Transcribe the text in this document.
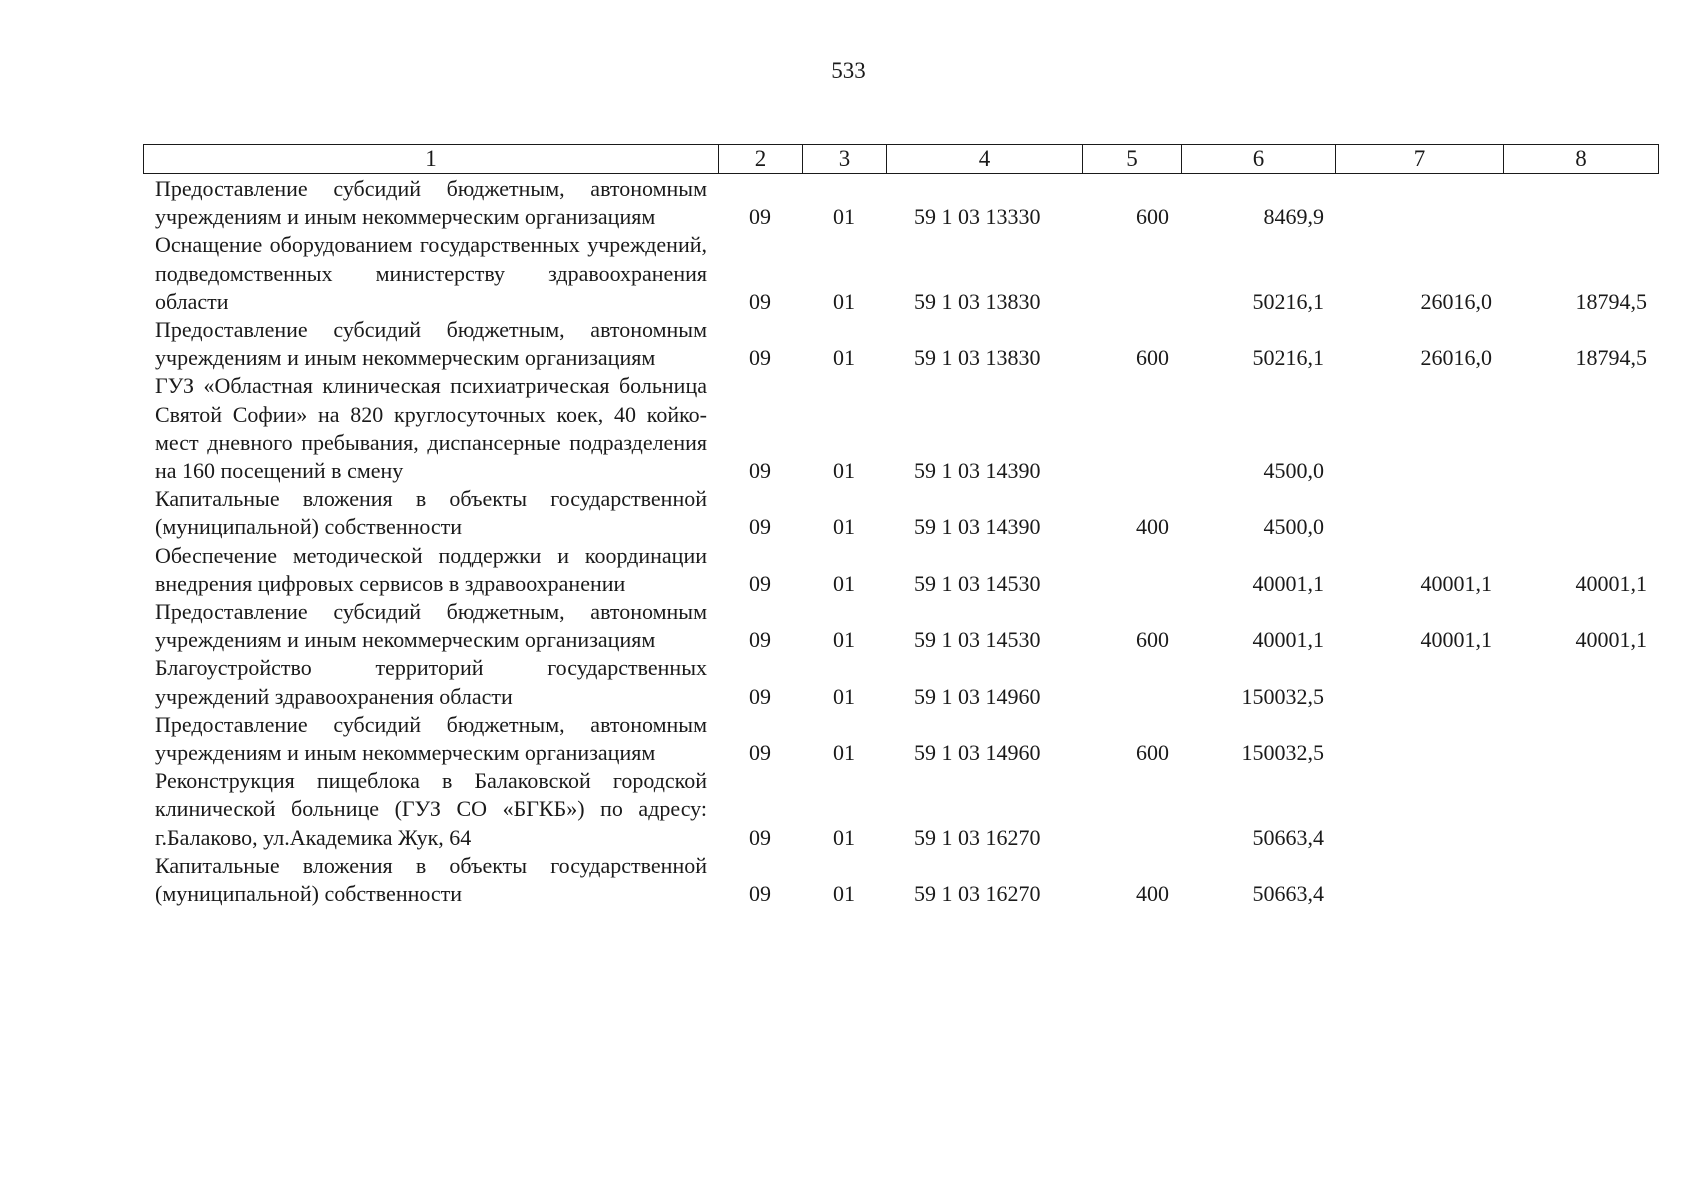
533
1	2	3	4	5	6	7	8
Предоставление субсидий бюджетным, автономным учреждениям и иным некоммерческим организациям	09	01	59 1 03 13330	600	8469,9		
Оснащение оборудованием государственных учреждений, подведомственных министерству здравоохранения области	09	01	59 1 03 13830		50216,1	26016,0	18794,5
Предоставление субсидий бюджетным, автономным учреждениям и иным некоммерческим организациям	09	01	59 1 03 13830	600	50216,1	26016,0	18794,5
ГУЗ «Областная клиническая психиатрическая больница Святой Софии» на 820 круглосуточных коек, 40 койко-мест дневного пребывания, диспансерные подразделения на 160 посещений в смену	09	01	59 1 03 14390		4500,0		
Капитальные вложения в объекты государственной (муниципальной) собственности	09	01	59 1 03 14390	400	4500,0		
Обеспечение методической поддержки и координации внедрения цифровых сервисов в здравоохранении	09	01	59 1 03 14530		40001,1	40001,1	40001,1
Предоставление субсидий бюджетным, автономным учреждениям и иным некоммерческим организациям	09	01	59 1 03 14530	600	40001,1	40001,1	40001,1
Благоустройство территорий государственных учреждений здравоохранения области	09	01	59 1 03 14960		150032,5		
Предоставление субсидий бюджетным, автономным учреждениям и иным некоммерческим организациям	09	01	59 1 03 14960	600	150032,5		
Реконструкция пищеблока в Балаковской городской клинической больнице (ГУЗ СО «БГКБ») по адресу: г.Балаково, ул.Академика Жук, 64	09	01	59 1 03 16270		50663,4		
Капитальные вложения в объекты государственной (муниципальной) собственности	09	01	59 1 03 16270	400	50663,4		
